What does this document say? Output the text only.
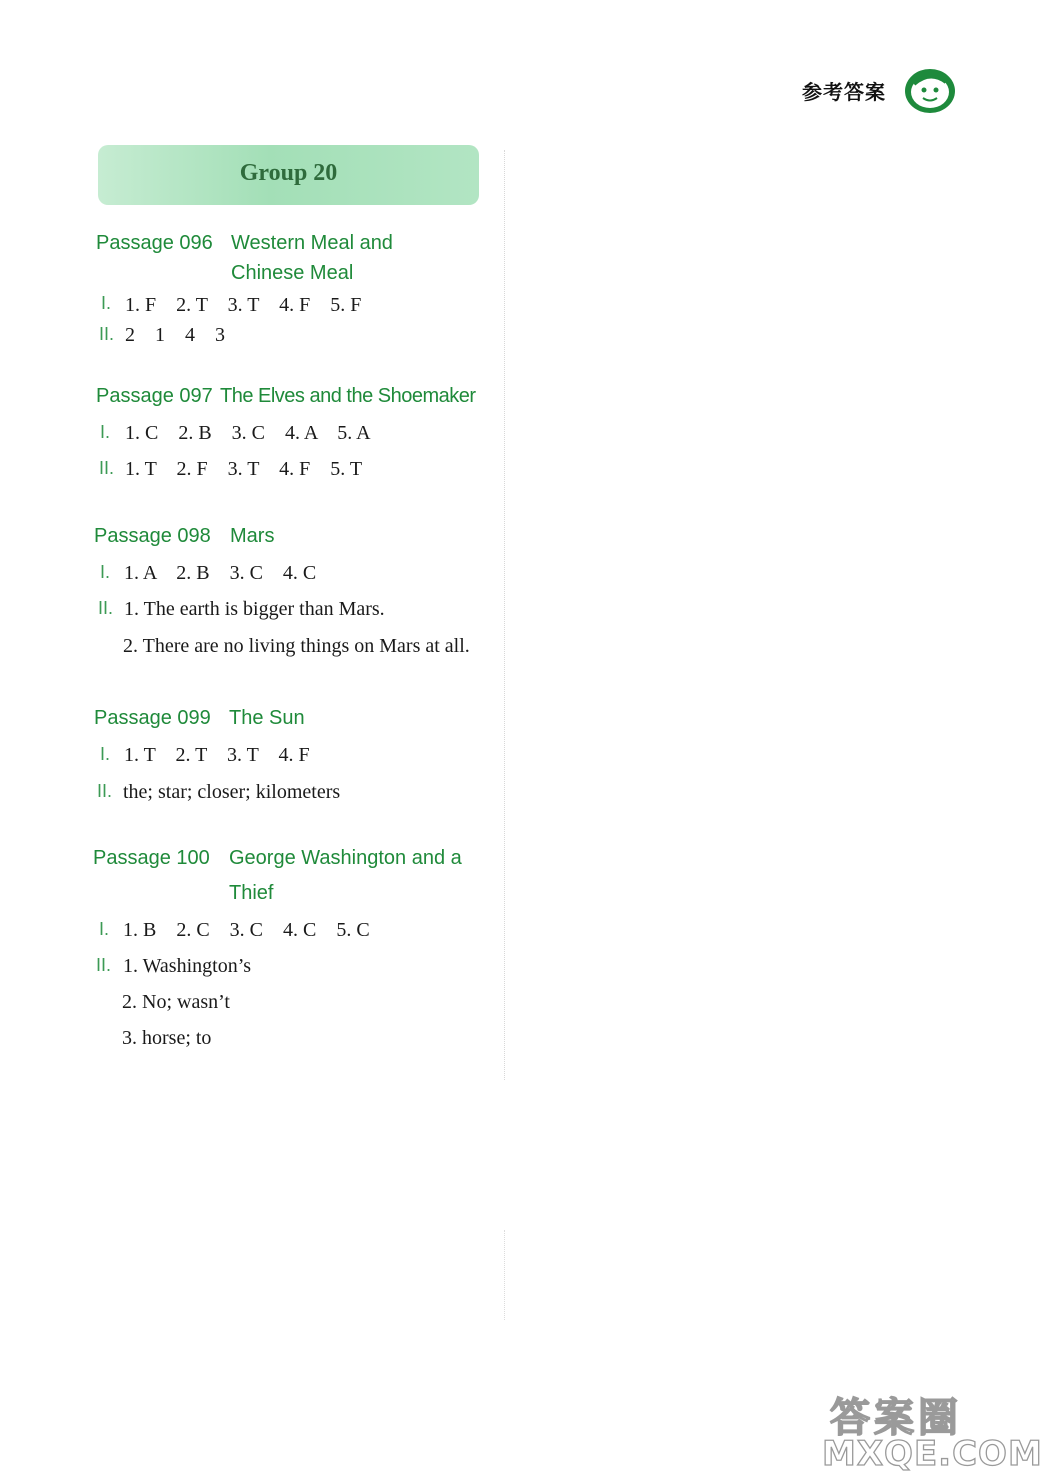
参考答案
Group 20
Passage 096 Western Meal and
Chinese Meal
I. 1. F    2. T    3. T    4. F    5. F
II. 2    1    4    3
Passage 097 The Elves and the Shoemaker
I. 1. C    2. B    3. C    4. A    5. A
II. 1. T    2. F    3. T    4. F    5. T
Passage 098 Mars
I. 1. A    2. B    3. C    4. C
II. 1. The earth is bigger than Mars.
2. There are no living things on Mars at all.
Passage 099 The Sun
I. 1. T    2. T    3. T    4. F
II. the; star; closer; kilometers
Passage 100 George Washington and a
Thief
I. 1. B    2. C    3. C    4. C    5. C
II. 1. Washington’s
2. No; wasn’t
3. horse; to
答案圈
MXQE.COM
